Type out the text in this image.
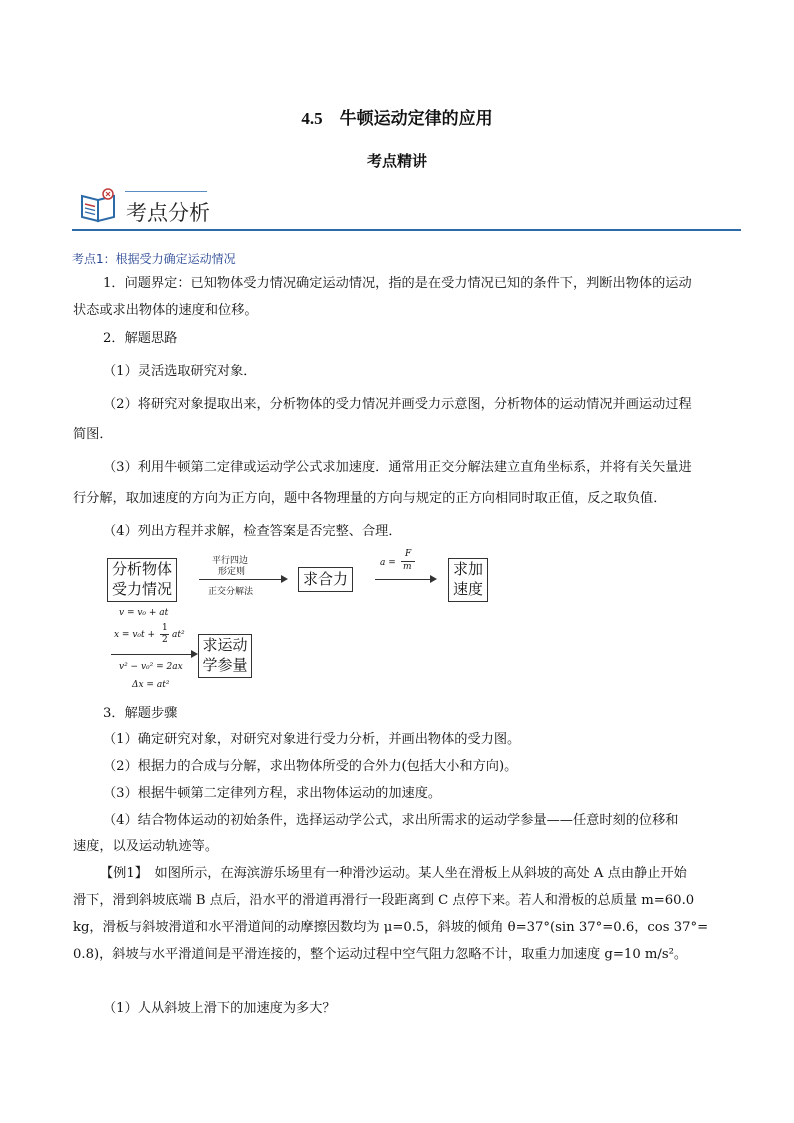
4.5　牛顿运动定律的应用
考点精讲
考点分析
考点1：根据受力确定运动情况
1．问题界定：已知物体受力情况确定运动情况，指的是在受力情况已知的条件下，判断出物体的运动
状态或求出物体的速度和位移。
2．解题思路
（1）灵活选取研究对象．
（2）将研究对象提取出来，分析物体的受力情况并画受力示意图，分析物体的运动情况并画运动过程
简图．
（3）利用牛顿第二定律或运动学公式求加速度．通常用正交分解法建立直角坐标系，并将有关矢量进
行分解，取加速度的方向为正方向，题中各物理量的方向与规定的正方向相同时取正值，反之取负值．
（4）列出方程并求解，检查答案是否完整、合理．
分析物体
受力情况
平行四边
形定则
正交分解法
求合力
a =
F
m	求加
速度
v = v₀ + at
x = v₀t +
1
2 at²
v² − v₀² = 2ax
Δx = at²
求运动
学参量
3．解题步骤
（1）确定研究对象，对研究对象进行受力分析，并画出物体的受力图。
（2）根据力的合成与分解，求出物体所受的合外力(包括大小和方向)。
（3）根据牛顿第二定律列方程，求出物体运动的加速度。
（4）结合物体运动的初始条件，选择运动学公式，求出所需求的运动学参量——任意时刻的位移和
速度，以及运动轨迹等。
【例1】　如图所示，在海滨游乐场里有一种滑沙运动。某人坐在滑板上从斜坡的高处 A 点由静止开始
滑下，滑到斜坡底端 B 点后，沿水平的滑道再滑行一段距离到 C 点停下来。若人和滑板的总质量 m=60.0
kg，滑板与斜坡滑道和水平滑道间的动摩擦因数均为 μ=0.5，斜坡的倾角 θ=37°(sin 37°=0.6，cos 37°=
0.8)，斜坡与水平滑道间是平滑连接的，整个运动过程中空气阻力忽略不计，取重力加速度 g=10 m/s²。
（1）人从斜坡上滑下的加速度为多大？
